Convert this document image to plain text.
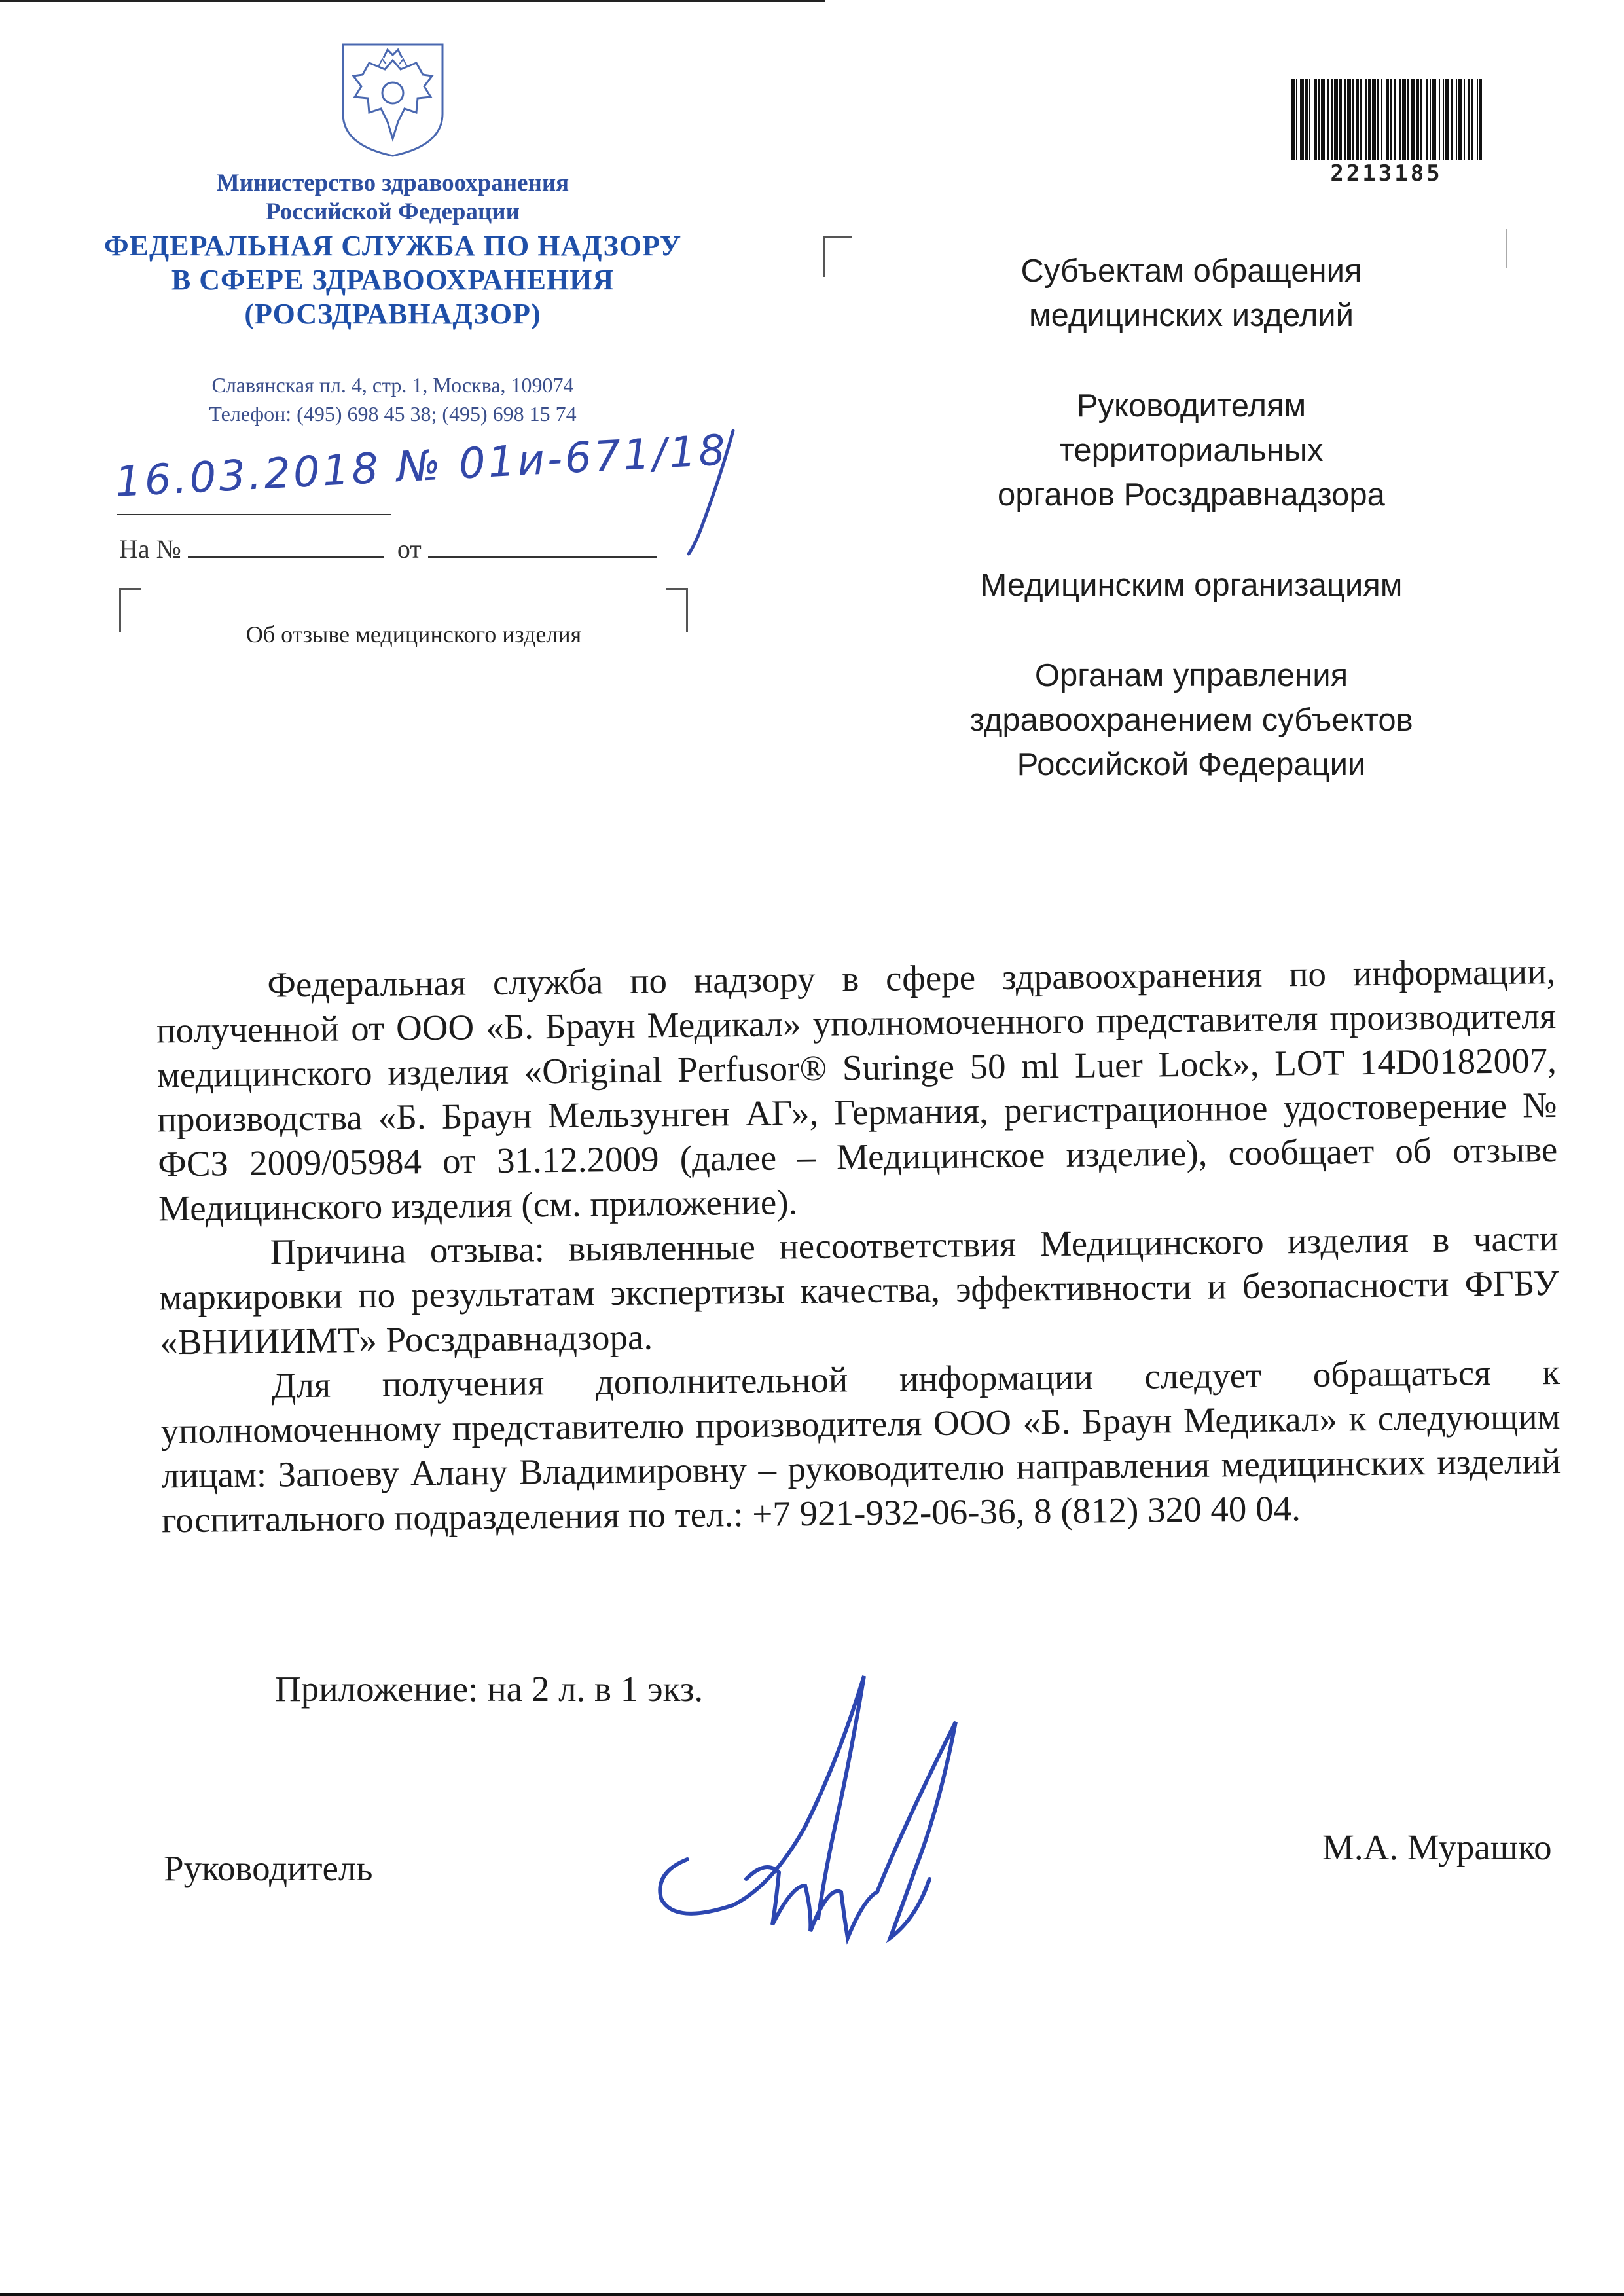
Министерство здравоохранения
Российской Федерации
ФЕДЕРАЛЬНАЯ СЛУЖБА ПО НАДЗОРУ
В СФЕРЕ ЗДРАВООХРАНЕНИЯ
(РОСЗДРАВНАДЗОР)
Славянская пл. 4, стр. 1, Москва, 109074
Телефон: (495) 698 45 38; (495) 698 15 74
16.03.2018 № 01и-671/18
На №	от
Об отзыве медицинского изделия
2213185
Субъектам обращения
медицинских изделий
Руководителям
территориальных
органов Росздравнадзора
Медицинским организациям
Органам управления
здравоохранением субъектов
Российской Федерации

Федеральная служба по надзору в сфере здравоохранения по информации, полученной от ООО «Б. Браун Медикал» уполномоченного представителя производителя медицинского изделия «Original Perfusor® Suringe 50 ml Luer Lock», LOT 14D0182007, производства «Б. Браун Мельзунген АГ», Германия, регистрационное удостоверение № ФСЗ 2009/05984 от 31.12.2009 (далее – Медицинское изделие), сообщает об отзыве Медицинского изделия (см. приложение).

Причина отзыва: выявленные несоответствия Медицинского изделия в части маркировки по результатам экспертизы качества, эффективности и безопасности ФГБУ «ВНИИИМТ» Росздравнадзора.

Для получения дополнительной информации следует обращаться к уполномоченному представителю производителя ООО «Б. Браун Медикал» к следующим лицам: Запоеву Алану Владимировну – руководителю направления медицинских изделий госпитального подразделения по тел.: +7 921-932-06-36, 8 (812) 320 40 04.

Приложение: на 2 л. в 1 экз.
Руководитель
М.А. Мурашко
